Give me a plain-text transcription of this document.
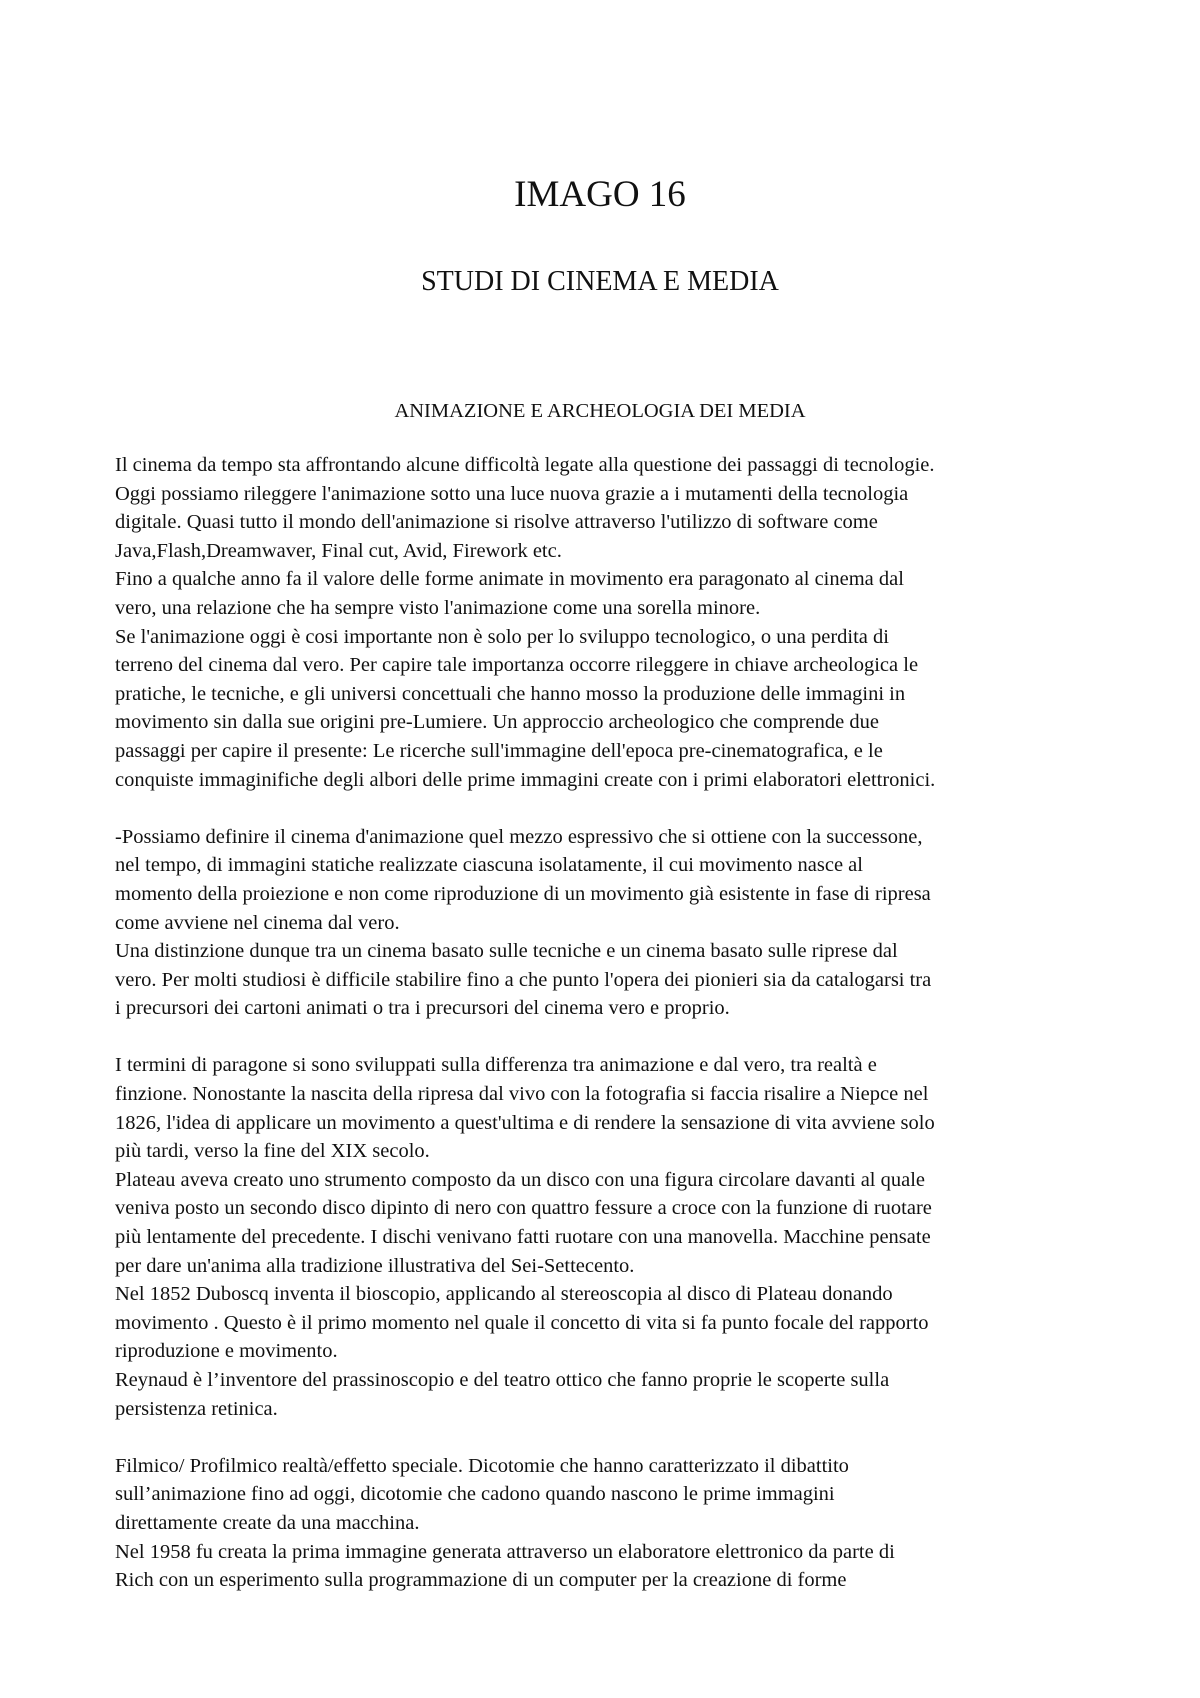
IMAGO 16
STUDI DI CINEMA E MEDIA
ANIMAZIONE E ARCHEOLOGIA DEI MEDIA
Il cinema da tempo sta affrontando alcune difficoltà legate alla questione dei passaggi di tecnologie.
Oggi possiamo rileggere l'animazione sotto una luce nuova grazie a i mutamenti della tecnologia
digitale. Quasi tutto il mondo dell'animazione si risolve attraverso l'utilizzo di software come
Java,Flash,Dreamwaver, Final cut, Avid, Firework etc.
Fino a qualche anno fa il valore delle forme animate in movimento era paragonato al cinema dal
vero, una relazione che ha sempre visto l'animazione come una sorella minore.
Se l'animazione oggi è cosi importante non è solo per lo sviluppo tecnologico, o una perdita di
terreno del cinema dal vero. Per capire tale importanza occorre rileggere in chiave archeologica le
pratiche, le tecniche, e gli universi concettuali che hanno mosso la produzione delle immagini in
movimento sin dalla sue origini pre-Lumiere. Un approccio archeologico che comprende due
passaggi per capire il presente: Le ricerche sull'immagine dell'epoca pre-cinematografica, e le
conquiste immaginifiche degli albori delle prime immagini create con i primi elaboratori elettronici.
-Possiamo definire il cinema d'animazione quel mezzo espressivo che si ottiene con la successone,
nel tempo, di immagini statiche realizzate ciascuna isolatamente, il cui movimento nasce al
momento della proiezione e non come riproduzione di un movimento già esistente in fase di ripresa
come avviene nel cinema dal vero.
Una distinzione dunque tra un cinema basato sulle tecniche e un cinema basato sulle riprese dal
vero. Per molti studiosi è difficile stabilire fino a che punto l'opera dei pionieri sia da catalogarsi tra
i precursori dei cartoni animati o tra i precursori del cinema vero e proprio.
I termini di paragone si sono sviluppati sulla differenza tra animazione e dal vero, tra realtà e
finzione. Nonostante la nascita della ripresa dal vivo con la fotografia si faccia risalire a Niepce nel
1826, l'idea di applicare un movimento a quest'ultima e di rendere la sensazione di vita avviene solo
più tardi, verso la fine del XIX secolo.
Plateau aveva creato uno strumento composto da un disco con una figura circolare davanti al quale
veniva posto un secondo disco dipinto di nero con quattro fessure a croce con la funzione di ruotare
più lentamente del precedente. I dischi venivano fatti ruotare con una manovella. Macchine pensate
per dare un'anima alla tradizione illustrativa del Sei-Settecento.
Nel 1852 Duboscq inventa il bioscopio, applicando al stereoscopia al disco di Plateau donando
movimento . Questo è il primo momento nel quale il concetto di vita si fa punto focale del rapporto
riproduzione e movimento.
Reynaud è l’inventore del prassinoscopio e del teatro ottico che fanno proprie le scoperte sulla
persistenza retinica.
Filmico/ Profilmico realtà/effetto speciale. Dicotomie che hanno caratterizzato il dibattito
sull’animazione fino ad oggi, dicotomie che cadono quando nascono le prime immagini
direttamente create da una macchina.
Nel 1958 fu creata la prima immagine generata attraverso un elaboratore elettronico da parte di
Rich con un esperimento sulla programmazione di un computer per la creazione di forme
